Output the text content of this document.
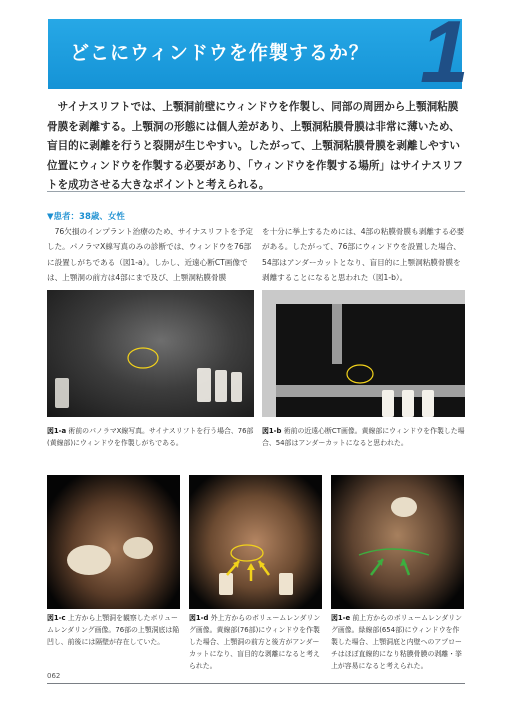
どこにウィンドウを作製するか？ 1

サイナスリフトでは、上顎洞前壁にウィンドウを作製し、同部の周囲から上顎洞粘膜骨膜を剥離する。上顎洞の形態には個人差があり、上顎洞粘膜骨膜は非常に薄いため、盲目的に剥離を行うと裂開が生じやすい。したがって、上顎洞粘膜骨膜を剥離しやすい位置にウィンドウを作製する必要があり、「ウィンドウを作製する場所」はサイナスリフトを成功させる大きなポイントと考えられる。

▼患者：38歳、女性

76欠損のインプラント治療のため、サイナスリフトを予定した。パノラマX線写真のみの診断では、ウィンドウを76部に設置しがちである（図1-a）。しかし、近遠心断CT画像では、上顎洞の前方は4部にまで及び、上顎洞粘膜骨膜

を十分に挙上するためには、4部の粘膜骨膜も剥離する必要がある。したがって、76部にウィンドウを設置した場合、54部はアンダーカットとなり、盲目的に上顎洞粘膜骨膜を剥離することになると思われた（図1-b）。

図1-a 術前のパノラマX線写真。サイナスリフトを行う場合、76部(黄線部)にウィンドウを作製しがちである。

図1-b 術前の近遠心断CT画像。黄線部にウィンドウを作製した場合、54部はアンダーカットになると思われた。

図1-c 上方から上顎洞を観察したボリュームレンダリング画像。76部の上顎洞底は陥凹し、前後には隔壁が存在していた。

図1-d 外上方からのボリュームレンダリング画像。黄線部(76部)にウィンドウを作製した場合、上顎洞の前方と後方がアンダーカットになり、盲目的な剥離になると考えられた。

図1-e 前上方からのボリュームレンダリング画像。緑線部(654部)にウィンドウを作製した場合、上顎洞底と内壁へのアプローチはほぼ直線的になり粘膜骨膜の剥離・挙上が容易になると考えられた。

062
